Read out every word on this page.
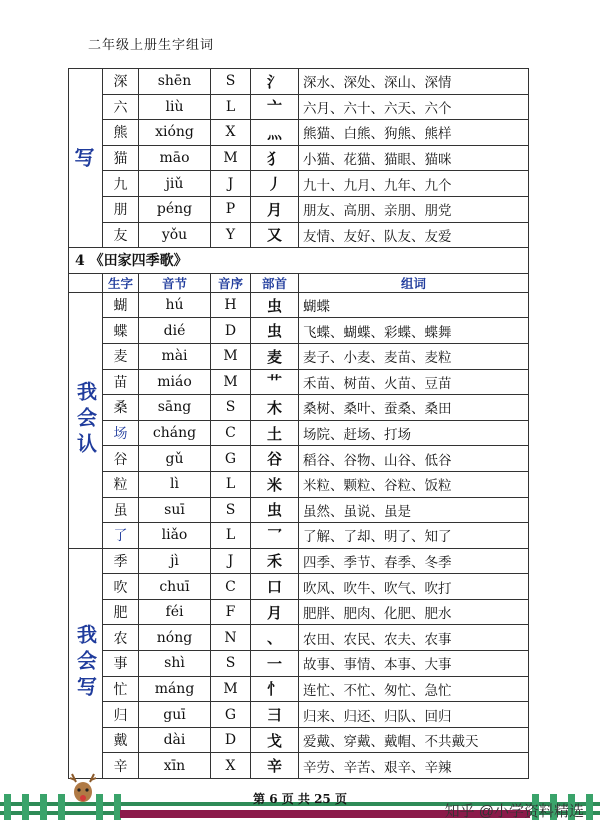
二年级上册生字组词
写	深	shēn	S	氵	深水、深处、深山、深情
	六	liù	L	亠	六月、六十、六天、六个
	熊	xióng	X	灬	熊猫、白熊、狗熊、熊样
	猫	māo	M	犭	小猫、花猫、猫眼、猫咪
	九	jiǔ	J	丿	九十、九月、九年、九个
	朋	péng	P	月	朋友、高朋、亲朋、朋党
	友	yǒu	Y	又	友情、友好、队友、友爱
4 《田家四季歌》					
	生字	音节	音序	部首	组词
我会认	蝴	hú	H	虫	蝴蝶
	蝶	dié	D	虫	飞蝶、蝴蝶、彩蝶、蝶舞
	麦	mài	M	麦	麦子、小麦、麦苗、麦粒
	苗	miáo	M	艹	禾苗、树苗、火苗、豆苗
	桑	sāng	S	木	桑树、桑叶、蚕桑、桑田
	场	cháng	C	土	场院、赶场、打场
	谷	gǔ	G	谷	稻谷、谷物、山谷、低谷
	粒	lì	L	米	米粒、颗粒、谷粒、饭粒
	虽	suī	S	虫	虽然、虽说、虽是
	了	liǎo	L	乛	了解、了却、明了、知了
我会写	季	jì	J	禾	四季、季节、春季、冬季
	吹	chuī	C	口	吹风、吹牛、吹气、吹打
	肥	féi	F	月	肥胖、肥肉、化肥、肥水
	农	nóng	N	、	农田、农民、农夫、农事
	事	shì	S	一	故事、事情、本事、大事
	忙	máng	M	忄	连忙、不忙、匆忙、急忙
	归	guī	G	彐	归来、归还、归队、回归
	戴	dài	D	戈	爱戴、穿戴、戴帽、不共戴天
	辛	xīn	X	辛	辛劳、辛苦、艰辛、辛辣
第 6 页 共 25 页
知乎 @小学资料精选
